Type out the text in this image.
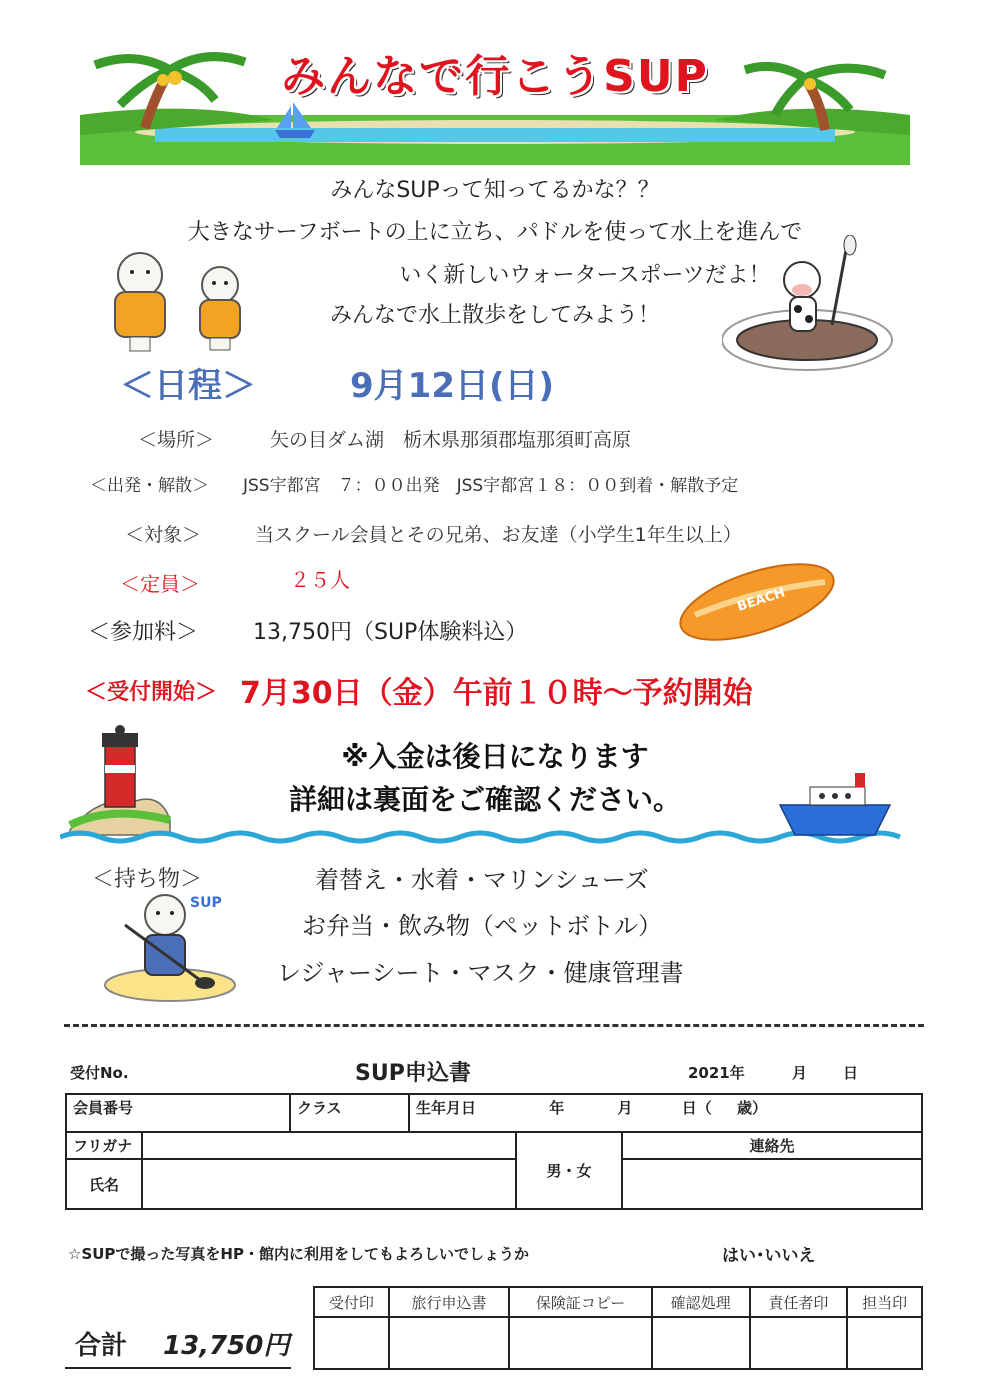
みんなで行こうSUP
みんなSUPって知ってるかな？？
大きなサーフボートの上に立ち、パドルを使って水上を進んで
いく新しいウォータースポーツだよ！
みんなで水上散歩をしてみよう！
＜日程＞	9月12日(日)
＜場所＞	矢の目ダム湖　栃木県那須郡塩那須町高原
＜出発・解散＞ JSS宇都宮　７：００出発　JSS宇都宮１８：００到着・解散予定
＜対象＞	当スクール会員とその兄弟、お友達（小学生1年生以上）
＜定員＞	２５人
＜参加料＞ 13,750円（SUP体験料込）
BEACH
＜受付開始＞ 7月30日（金）午前１０時～予約開始
※入金は後日になります
詳細は裏面をご確認ください。
＜持ち物＞	着替え・水着・マリンシューズ
お弁当・飲み物（ペットボトル）
レジャーシート・マスク・健康管理書
SUP
受付No.	SUP申込書	2021年	月 日
会員番号	クラス	生年月日	年	月	日（ 歳）
フリガナ		男・女	連絡先
氏名			
☆SUPで撮った写真をHP・館内に利用をしてもよろしいでしょうか	はい･いいえ
受付印	旅行申込書	保険証コピー	確認処理	責任者印	担当印

合計 13,750円
